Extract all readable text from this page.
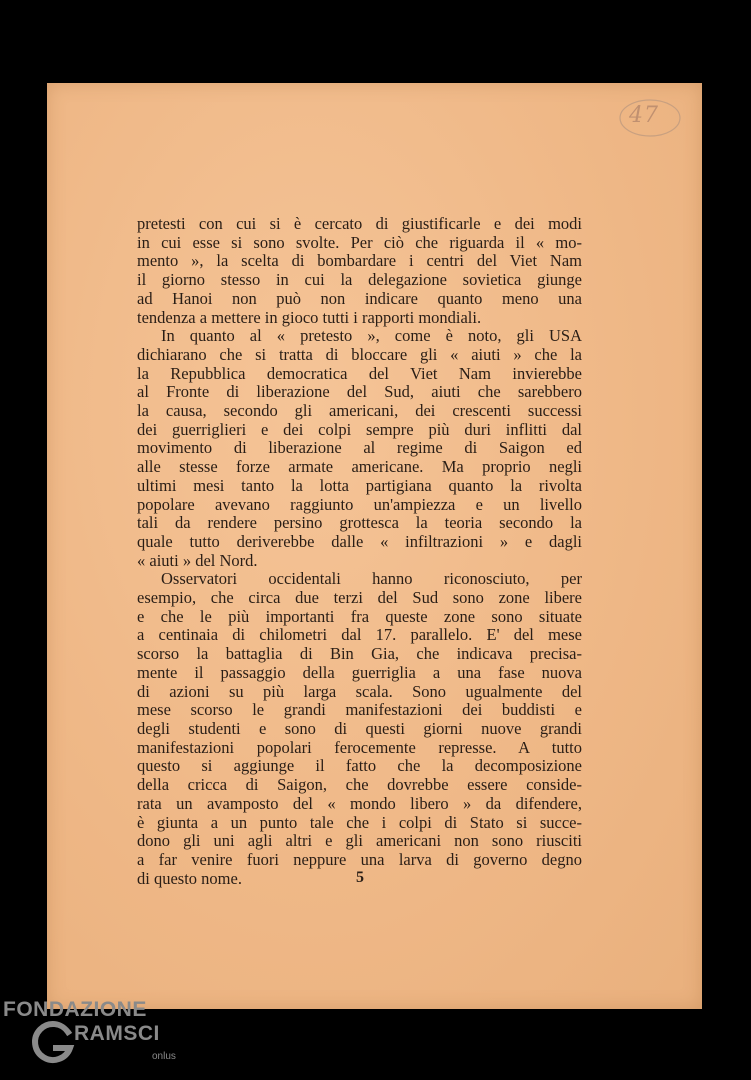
47

pretesti con cui si è cercato di giustificarle e dei modi
in cui esse si sono svolte. Per ciò che riguarda il « mo-
mento », la scelta di bombardare i centri del Viet Nam
il giorno stesso in cui la delegazione sovietica giunge
ad Hanoi non può non indicare quanto meno una
tendenza a mettere in gioco tutti i rapporti mondiali.

In quanto al « pretesto », come è noto, gli USA
dichiarano che si tratta di bloccare gli « aiuti » che la
la Repubblica democratica del Viet Nam invierebbe
al Fronte di liberazione del Sud, aiuti che sarebbero
la causa, secondo gli americani, dei crescenti successi
dei guerriglieri e dei colpi sempre più duri inflitti dal
movimento di liberazione al regime di Saigon ed
alle stesse forze armate americane. Ma proprio negli
ultimi mesi tanto la lotta partigiana quanto la rivolta
popolare avevano raggiunto un'ampiezza e un livello
tali da rendere persino grottesca la teoria secondo la
quale tutto deriverebbe dalle « infiltrazioni » e dagli
« aiuti » del Nord.

Osservatori occidentali hanno riconosciuto, per
esempio, che circa due terzi del Sud sono zone libere
e che le più importanti fra queste zone sono situate
a centinaia di chilometri dal 17. parallelo. E' del mese
scorso la battaglia di Bin Gia, che indicava precisa-
mente il passaggio della guerriglia a una fase nuova
di azioni su più larga scala. Sono ugualmente del
mese scorso le grandi manifestazioni dei buddisti e
degli studenti e sono di questi giorni nuove grandi
manifestazioni popolari ferocemente represse. A tutto
questo si aggiunge il fatto che la decomposizione
della cricca di Saigon, che dovrebbe essere conside-
rata un avamposto del « mondo libero » da difendere,
è giunta a un punto tale che i colpi di Stato si succe-
dono gli uni agli altri e gli americani non sono riusciti
a far venire fuori neppure una larva di governo degno
di questo nome.	5
FONDAZIONE
RAMSCI
onlus
